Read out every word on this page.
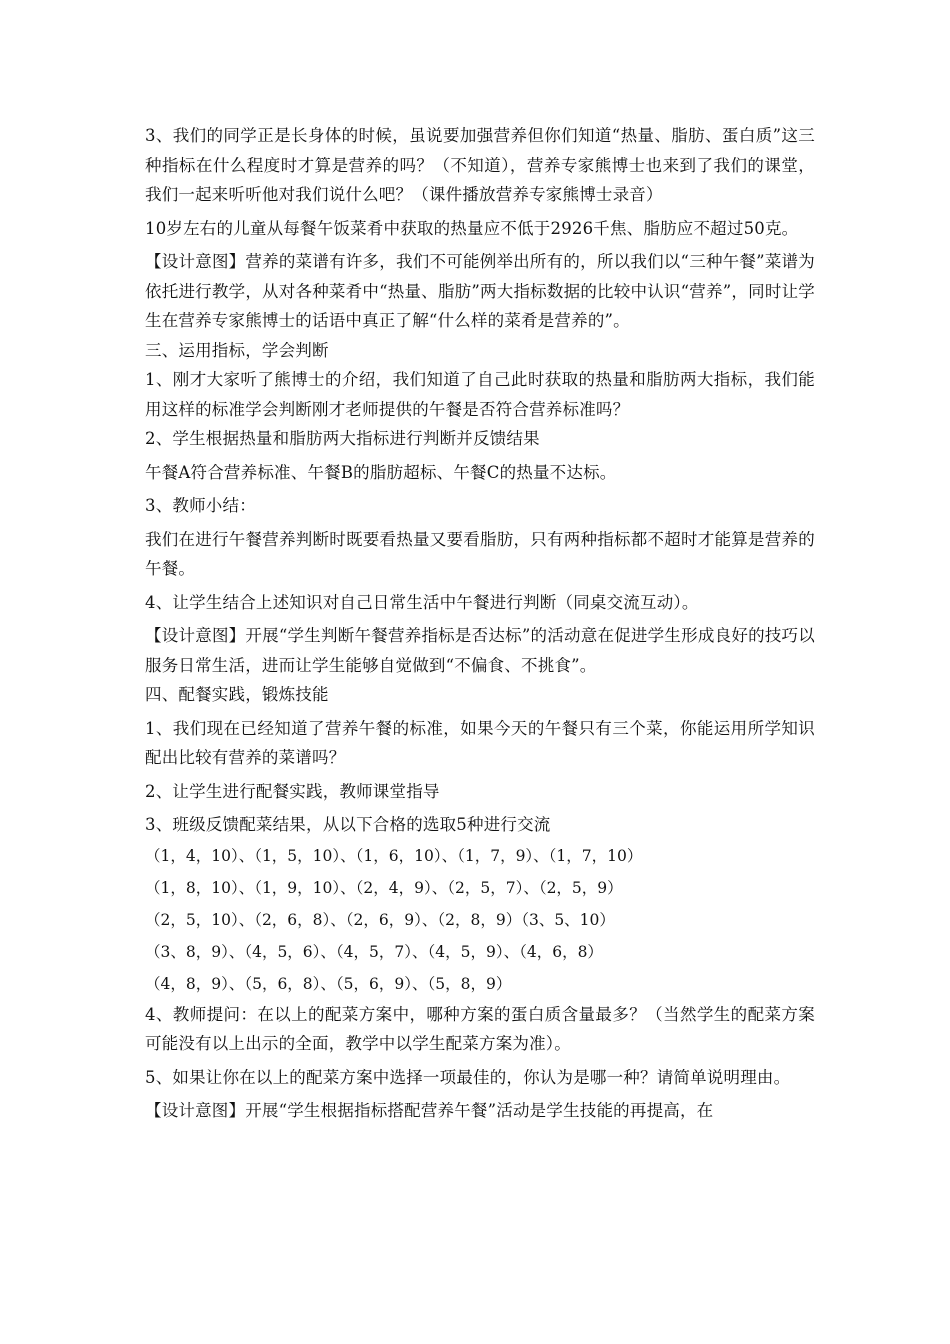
3、我们的同学正是长身体的时候，虽说要加强营养但你们知道“热量、脂肪、蛋白质”这三种指标在什么程度时才算是营养的吗？（不知道），营养专家熊博士也来到了我们的课堂，我们一起来听听他对我们说什么吧？（课件播放营养专家熊博士录音）

10岁左右的儿童从每餐午饭菜肴中获取的热量应不低于2926千焦、脂肪应不超过50克。

【设计意图】营养的菜谱有许多，我们不可能例举出所有的，所以我们以“三种午餐”菜谱为依托进行教学，从对各种菜肴中“热量、脂肪”两大指标数据的比较中认识“营养”，同时让学生在营养专家熊博士的话语中真正了解“什么样的菜肴是营养的”。

三、运用指标，学会判断

1、刚才大家听了熊博士的介绍，我们知道了自己此时获取的热量和脂肪两大指标，我们能用这样的标准学会判断刚才老师提供的午餐是否符合营养标准吗？

2、学生根据热量和脂肪两大指标进行判断并反馈结果

午餐A符合营养标准、午餐B的脂肪超标、午餐C的热量不达标。

3、教师小结：

我们在进行午餐营养判断时既要看热量又要看脂肪，只有两种指标都不超时才能算是营养的午餐。

4、让学生结合上述知识对自己日常生活中午餐进行判断（同桌交流互动）。

【设计意图】开展“学生判断午餐营养指标是否达标”的活动意在促进学生形成良好的技巧以服务日常生活，进而让学生能够自觉做到“不偏食、不挑食”。

四、配餐实践，锻炼技能

1、我们现在已经知道了营养午餐的标准，如果今天的午餐只有三个菜，你能运用所学知识配出比较有营养的菜谱吗？

2、让学生进行配餐实践，教师课堂指导

3、班级反馈配菜结果，从以下合格的选取5种进行交流

（1，4，10）、（1，5，10）、（1，6，10）、（1，7，9）、（1，7，10）

（1，8，10）、（1，9，10）、（2，4，9）、（2，5，7）、（2，5，9）

（2，5，10）、（2，6，8）、（2，6，9）、（2，8，9）（3、5、10）

（3、8，9）、（4，5，6）、（4，5，7）、（4，5，9）、（4，6，8）

（4，8，9）、（5，6，8）、（5，6，9）、（5，8，9）

4、教师提问：在以上的配菜方案中，哪种方案的蛋白质含量最多？（当然学生的配菜方案可能没有以上出示的全面，教学中以学生配菜方案为准）。

5、如果让你在以上的配菜方案中选择一项最佳的，你认为是哪一种？请简单说明理由。

【设计意图】开展“学生根据指标搭配营养午餐”活动是学生技能的再提高，在
